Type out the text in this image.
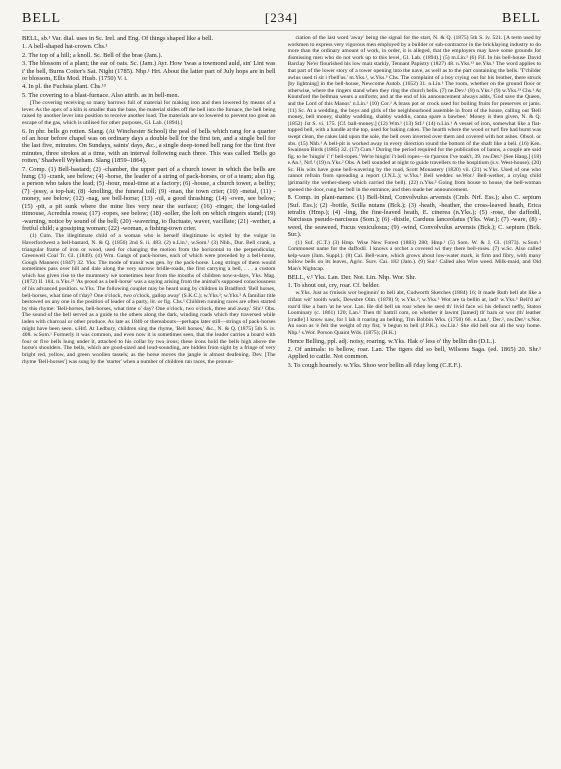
BELL	[234]	BELL

BELL, sb.¹ Var. dial. uses in Sc. Irel. and Eng. Of things shaped like a bell.

1. A bell-shaped hat-crown. Chs.¹

2. The top of a hill; a knoll. Sc. Bell of the brae (Jam.).

3. The blossom of a plant; the ear of oats. Sc. (Jam.) Ayr. How 'twas a towmond auld, sin' Lint was i' the bell, Burns Cotter's Sat. Night (1785). Nhp.¹ Hrt. About the latter part of July hops are in bell or blossom, Ellis Mod. Husb. (1750) V. i.

4. In pl. the Fuchsia plant. Chs.¹³

5. The covering to a blast-furnace. Also attrib. as in bell-men.

[The covering receiving so many barrows full of material for making iron and then lowered by means of a lever. As the apex of a kiln is smaller than the base, the material slides off the bell into the furnace, the bell being raised by another lever into position to receive another load. The materials are so lowered to prevent too great an escape of the gas, which is utilised for other purposes, Gl. Lab. (1894).]

6. In phr. bells go rotten. Slang. (At Winchester School) the peal of bells which rang for a quarter of an hour before chapel was on ordinary days a double bell for the first ten, and a single bell for the last five, minutes. On Sundays, saints' days, &c., a single deep-toned bell rang for the first five minutes, three strokes at a time, with an interval following each three. This was called 'Bells go rotten,' Shadwell Wykeham. Slang (1859–1864).

7. Comp. (1) Bell-bastard; (2) -chamber, the upper part of a church tower in which the bells are hung; (3) -crank, see below; (4) -horse, the leader of a string of pack-horses, or of a team; also fig. a person who takes the lead; (5) -hour, meal-time at a factory; (6) -house, a church tower, a belfry; (7) -jessy, a top-hat; (8) -knolling, the funeral toll; (9) -man, the town crier; (10) -metal, (11) -money, see below; (12) -nag, see bell-horse; (13) -oil, a good thrashing; (14) -oven, see below; (15) -pit, a pit sunk where the mine lies very near the surface; (16) -ringer, the long-tailed titmouse, Acredula rosea; (17) -ropes, see below; (18) -soller, the loft on which ringers stand; (19) -warning, notice by sound of the bell; (20) -wavering, to fluctuate, waver, vacillate; (21) -wether, a fretful child; a gossiping woman; (22) -woman, a fishing-town crier.

(1) Cum. The illegitimate child of a woman who is herself illegitimate is styled by the vulgar in Haverfordwest a bell-bastard, N. & Q. (1856) 2nd S. ii. 483. (2) n.Lin.¹, w.Som.¹ (3) Nhb., Dur. Bell crank, a triangular frame of iron or wood, used for changing the motion from the horizontal to the perpendicular, Greenwell Coal Tr. Gl. (1849). (4) Wm. Gangs of pack-horses, each of which were preceded by a bell-horse, Gough Manners (1847) 32. Yks. The mode of transit was gen. by the pack-horse. Long strings of them would sometimes pass over hill and dale along the very narrow bridle-roads, the first carrying a bell, . . . a custom which has given rise to the mummery we sometimes hear from the mouths of children now-a-days, Yks. Mag. (1872) II. 184. n.Yks.²³ 'As proud as a bell-horse' was a saying arising from the animal's supposed consciousness of his advanced position. w.Yks. The following couplet may be heard sung by children in Bradford: 'Bell horses, bell-horses, what time of t'day? One o'clock, two o'clock, gallop away' (S.K.C.); w.Yks.²; w.Yks.⁵ A familiar title bestowed on any one in the position of leader of a party, lit. or fig. Chs.¹ Children running races are often started by this rhyme: 'Bell-horses, bell-horses, what time o' day? One o'clock, two o'clock, three and away.' Shr.¹ Obs. The sound of the bell served as a guide to the others along the dark, winding roads which they traversed while laden with charcoal or other produce. As late as 1840 or thereabouts—perhaps later still—strings of pack-horses might have been seen. s.Hrf. At Ledbury, children sing the rhyme, 'Bell horses,' &c., N. & Q. (1875) 5th S. iv. 408. w.Som.¹ Formerly it was common, and even now it is sometimes seen, that the leader carries a board with four or five bells hung under it, attached to his collar by two irons; these irons hold the bells high above the horse's shoulders. The bells, which are good-sized and loud-sounding, are hidden from sight by a fringe of very bright red, yellow, and green woollen tassels; as the horse moves the jangle is almost deafening. Dev. [The rhyme 'Bell-horses'] was sung by the 'starter' when a number of children ran races, the pronun-

ciation of the last word 'away' being the signal for the start, N. & Q. (1875) 5th S. iv. 521. [A term used by workmen to express very vigorous men employed by a builder or sub-contractor in the bricklaying industry to do more than the ordinary amount of work, in order, it is alleged, that the employers may have some grounds for dismissing men who do not work up to this level, Gl. Lab. (1894).] (5) m.Lin.¹ (6) Fif. In his bell-house David Barclay Ne'er flourished his low mait starkly, Tennant Papistry (1827) 48. n.Yks.¹² ne.Yks.¹ The word applies to that part of the lower story of a tower opening into the nave, as well as to the part containing the bells. 'T'childer awlus used ti sit i t'bell'us.' m.Yks.¹, w.Yks.⁵ Chs. The complaint of a boy crying out for his brother, there struck [by lightning] in the bell-house, Newcome Autob. (1652) 31. n.Lin.¹ The room, whether on the ground floor or otherwise, where the ringers stand when they ring the church bells. (7) ne.Dev.¹ (8) n.Yks.² (9) w.Yks.²³ Chs.¹ At Knutsford the bellman wears a uniform; and at the end of his announcement always adds, 'God save the Queen, and the Lord of this Manor.' n.Lin.¹ (10) Cor.² A brass pot or crock used for boiling fruits for preserves or jams. (11) Sc. At a wedding, the boys and girls of the neighbourhood assemble in front of the house, calling out 'Bell money, bell money, shabby wadding, shabby waddin, canna spare a bawbee.' Money is then given, N. & Q. (1852) 1st S. vi. 175. [Cf. ball-money.] (12) Wm.¹ (13) Stf.² (14) n.Lin.¹ A vessel of iron, somewhat like a flat-topped bell, with a handle at the top, used for baking cakes. The hearth where the wood or turf fire had burnt was swept clean, the cakes laid upon the sole, the bell oven inverted over them and covered with hot ashes. Obsol. or obs. (15) Nhb.¹ A bell-pit is worked away in every direction round the bottom of the shaft like a bell. (16) Ken. Swainson Birds (1885) 32. (17) Cum.² During the period required for the publication of banns, a couple are said fig. to be 'hingin' i' t' bell-ropes.' We're hingin' i't bell ropes—to t'parson I've toak't, 39. nw.Der.¹ [See Hang.] (18) e.An.¹, Nrf.¹ (19) n.Yks.² Obs. A bell sounded at night to guide travellers to the hospitium (s.v. West-house). (20) Sc. His wits have gone bell-wavering by the road, Scott Monastery (1820) vii. (21) w.Yks. Used of one who cannot refrain from spreading a report (J.N.L.); w.Yks.¹ Bell wedder. se.Wor.¹ Bell-wether, a crying child (primarily the wether-sheep which carried the bell). (22) n.Yks.² Going from house to house, the bell-woman opened the door, rung her bell in the entrance, and then made her announcement.

8. Comp. in plant-names: (1) Bell-bind, Convolvulus arvensis (Cmb. Nrf. Ess.); also C. sepium (Suf. Ess.); (2) -bottle, Scilla nutans (Bck.); (3) -heath, -heather, the cross-leaved heath, Erica tetralix (Hmp.); (4) -ling, the fine-leaved heath, E. cinerea (n.Yks.); (5) -rose, the daffodil, Narcissus pseudo-narcissus (Som.); (6) -thistle, Carduus lanceolatus (Yks. War.); (7) -ware, (8) -weed, the seaweed, Fucus vesiculosus; (9) -wind, Convolvulus arvensis (Bck.); C. sepium (Bck. Sur.).

(1) Suf. (C.T.) (3) Hmp. Wise New Forest (1883) 280; Hmp.¹ (5) Som. W. & J. Gl. (1873). w.Som.¹ Commonest name for the daffodil. I knows a orchet a covered wi they there bell-roses. (7) w.Sc. Also called kelp-ware (Jam. Suppl.). (8) Cai. Bell-ware, which grows about low-water mark, is firm and fibry, with many hollow bells on its leaves, Agric. Surv. Cai. 182 (Jam.). (9) Sur.¹ Called also Wire weed. Milk-maid, and Old Man's Nightcap.

BELL, v.¹ Yks. Lan. Der. Not. Lin. Nhp. Wor. Shr.

1. To shout out, cry, roar. Cf. belder.

w.Yks. Just as t'missis wor beginnin' to bell abt, Cudworth Sketches (1884) 16; It made Ruth bell abt like a clifant wit' tooith wark, Dewsbre Olm. (1878) 9; w.Yks.³; w.Yks.⁵ Wot are ta bellin at, lad? w.Yks.⁵ Bell'd an' roar'd like a barn 'at he wor. Lan. He did bell un roar when he seed th' livid face wi his defunct neffy, Staton Loominary (c. 1861) 120; Lan.¹ Then th' battril com, on whether it lawmt [lamed] th' barn or wur (th' leather [cradle] I know naw, for I lah it roaring an belling, Tim Bobbin Wks. (1750) 66. e.Lan.¹, Der.², nw.Der.¹ s.Not. An soon as 'e felt the weight of my fist, 'e begun to bell (J.P.K.). sw.Lin.¹ She did bell out all the way home. Nhp.² s.Wor. Porson Quaint Wds. (1875); (H.K.)

Hence Belling, ppl. adj. noisy, roaring. w.Yks. Hak o' less o' thy bellin din (D.L.).

2. Of animals: to bellow, roar. Lan. The tigers did so bell, Wilsons Saga. (ed. 1865) 20. Shr.¹ Applied to cattle. Not common.

3. To cough hoarsely. w.Yks. Shoo wor bellin all t'day long (C.E.F.).
